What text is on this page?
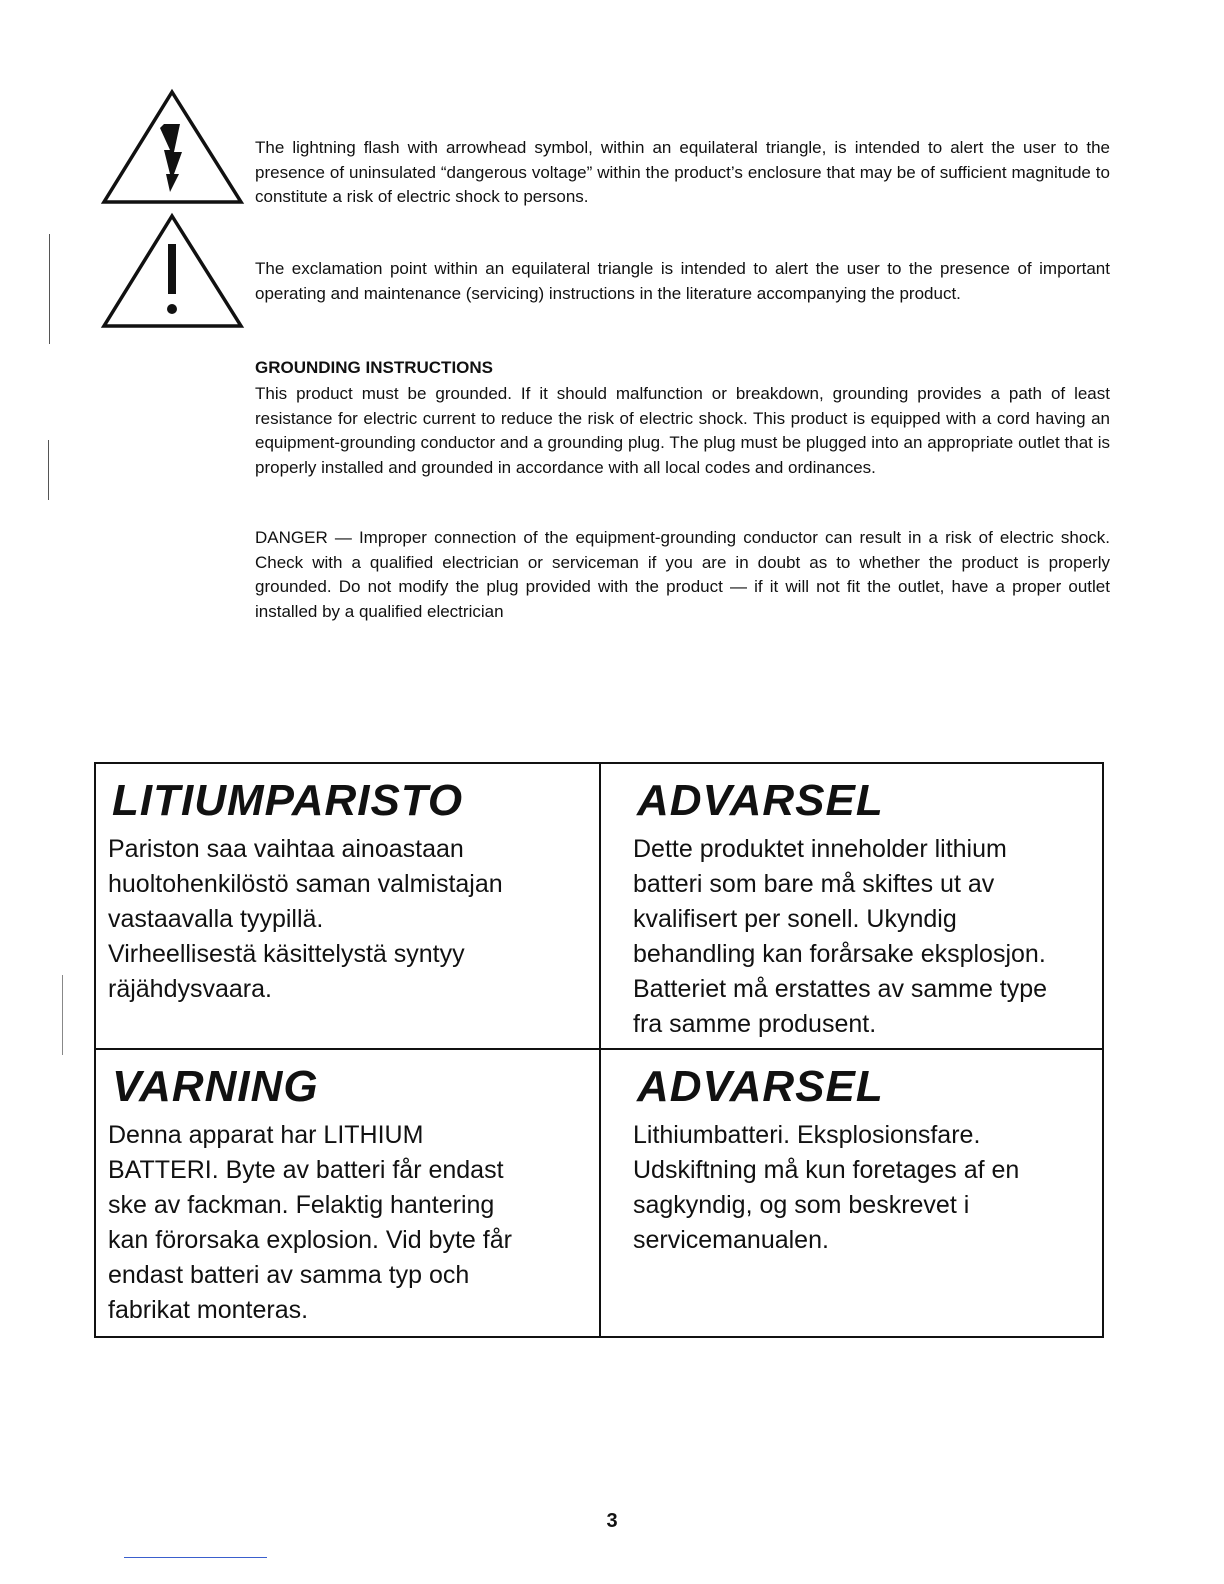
The lightning flash with arrowhead symbol, within an equilateral triangle, is intended to alert the user to the presence of uninsulated “dangerous voltage” within the product’s enclosure that may be of sufficient magnitude to constitute a risk of electric shock to persons.

The exclamation point within an equilateral triangle is intended to alert the user to the presence of important operating and maintenance (servicing) instructions in the literature accompanying the product.

GROUNDING INSTRUCTIONS

This product must be grounded. If it should malfunction or breakdown, grounding provides a path of least resistance for electric current to reduce the risk of electric shock. This product is equipped with a cord having an equipment-grounding conductor and a grounding plug. The plug must be plugged into an appropriate outlet that is properly installed and grounded in accordance with all local codes and ordinances.

DANGER — Improper connection of the equipment-grounding conductor can result in a risk of electric shock. Check with a qualified electrician or serviceman if you are in doubt as to whether the product is properly grounded. Do not modify the plug provided with the product — if it will not fit the outlet, have a proper outlet installed by a qualified electrician

LITIUMPARISTO
Pariston saa vaihtaa ainoastaan
huoltohenkilöstö saman valmistajan
vastaavalla tyypillä.
Virheellisestä käsittelystä syntyy
räjähdysvaara.
ADVARSEL
Dette produktet inneholder lithium
batteri som bare må skiftes ut av
kvalifisert per sonell. Ukyndig
behandling kan forårsake eksplosjon.
Batteriet må erstattes av samme type
fra samme produsent.
VARNING
Denna apparat har LITHIUM
BATTERI. Byte av batteri får endast
ske av fackman. Felaktig hantering
kan förorsaka explosion. Vid byte får
endast batteri av samma typ och
fabrikat monteras.
ADVARSEL
Lithiumbatteri. Eksplosionsfare.
Udskiftning må kun foretages af en
sagkyndig, og som beskrevet i
servicemanualen.
3
